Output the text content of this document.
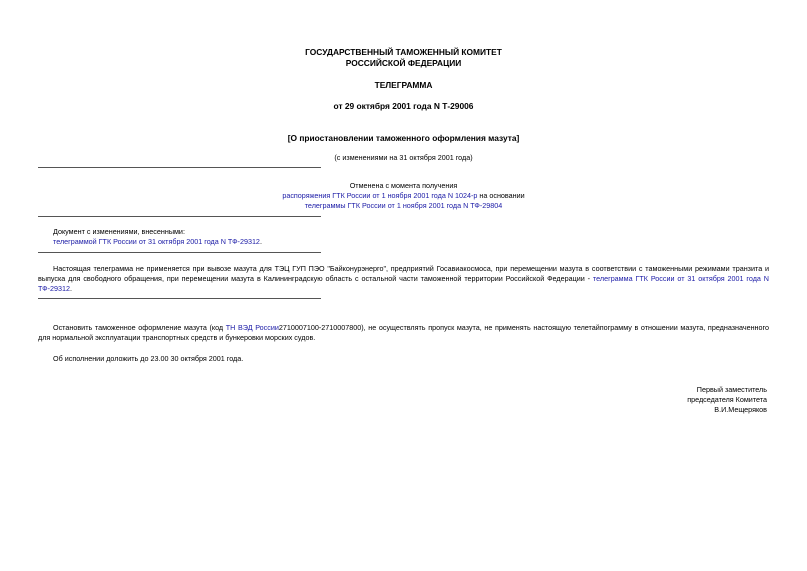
ГОСУДАРСТВЕННЫЙ ТАМОЖЕННЫЙ КОМИТЕТ
РОССИЙСКОЙ ФЕДЕРАЦИИ
ТЕЛЕГРАММА
от 29 октября 2001 года N Т-29006
[О приостановлении таможенного оформления мазута]
(с изменениями на 31 октября 2001 года)
Отменена с момента получения
распоряжения ГТК России от 1 ноября 2001 года N 1024-р на основании
телеграммы ГТК России от 1 ноября 2001 года N ТФ-29804
Документ с изменениями, внесенными:
телеграммой ГТК России от 31 октября 2001 года N ТФ-29312.
Настоящая телеграмма не применяется при вывозе мазута для ТЭЦ ГУП ПЭО "Байконурэнерго", предприятий Госавиакосмоса, при перемещении мазута в соответствии с таможенными режимами транзита и выпуска для свободного обращения, при перемещении мазута в Калининградскую область с остальной части таможенной территории Российской Федерации - телеграмма ГТК России от 31 октября 2001 года N ТФ-29312.
Остановить таможенное оформление мазута (код ТН ВЭД России2710007100-2710007800), не осуществлять пропуск мазута, не применять настоящую телетайпограмму в отношении мазута, предназначенного для нормальной эксплуатации транспортных средств и бункеровки морских судов.
Об исполнении доложить до 23.00 30 октября 2001 года.
Первый заместитель
председателя Комитета
В.И.Мещеряков
